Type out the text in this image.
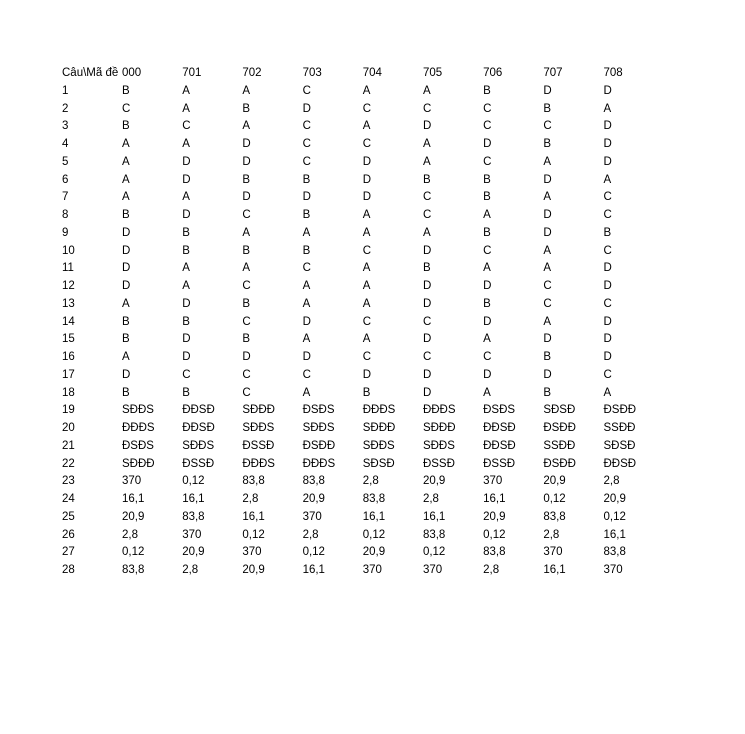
Câu\Mã đề	000	701	702	703	704	705	706	707	708
1	B	A	A	C	A	A	B	D	D
2	C	A	B	D	C	C	C	B	A
3	B	C	A	C	A	D	C	C	D
4	A	A	D	C	C	A	D	B	D
5	A	D	D	C	D	A	C	A	D
6	A	D	B	B	D	B	B	D	A
7	A	A	D	D	D	C	B	A	C
8	B	D	C	B	A	C	A	D	C
9	D	B	A	A	A	A	B	D	B
10	D	B	B	B	C	D	C	A	C
11	D	A	A	C	A	B	A	A	D
12	D	A	C	A	A	D	D	C	D
13	A	D	B	A	A	D	B	C	C
14	B	B	C	D	C	C	D	A	D
15	B	D	B	A	A	D	A	D	D
16	A	D	D	D	C	C	C	B	D
17	D	C	C	C	D	D	D	D	C
18	B	B	C	A	B	D	A	B	A
19	SĐĐS	ĐĐSĐ	SĐĐĐ	ĐSĐS	ĐĐĐS	ĐĐĐS	ĐSĐS	SĐSĐ	ĐSĐĐ
20	ĐĐĐS	ĐĐSĐ	SĐĐS	SĐĐS	SĐĐĐ	SĐĐĐ	ĐĐSĐ	ĐSĐĐ	SSĐĐ
21	ĐSĐS	SĐĐS	ĐSSĐ	ĐSĐĐ	SĐĐS	SĐĐS	ĐĐSĐ	SSĐĐ	SĐSĐ
22	SĐĐĐ	ĐSSĐ	ĐĐĐS	ĐĐĐS	SĐSĐ	ĐSSĐ	ĐSSĐ	ĐSĐĐ	ĐĐSĐ
23	370	0,12	83,8	83,8	2,8	20,9	370	20,9	2,8
24	16,1	16,1	2,8	20,9	83,8	2,8	16,1	0,12	20,9
25	20,9	83,8	16,1	370	16,1	16,1	20,9	83,8	0,12
26	2,8	370	0,12	2,8	0,12	83,8	0,12	2,8	16,1
27	0,12	20,9	370	0,12	20,9	0,12	83,8	370	83,8
28	83,8	2,8	20,9	16,1	370	370	2,8	16,1	370
